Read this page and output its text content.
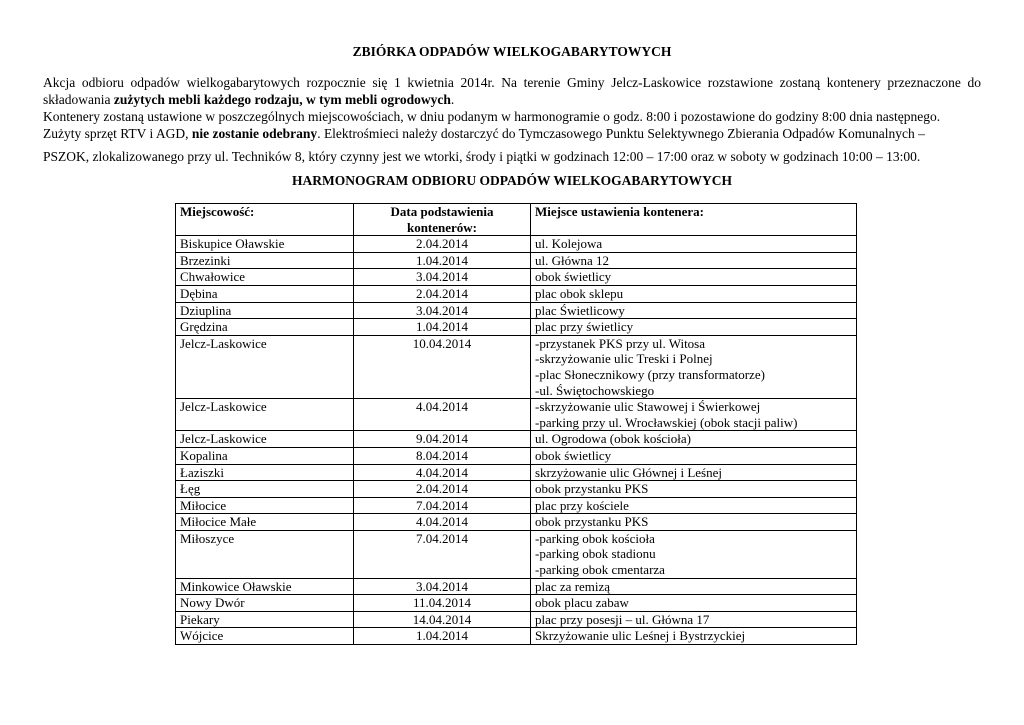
ZBIÓRKA ODPADÓW WIELKOGABARYTOWYCH

Akcja odbioru odpadów wielkogabarytowych rozpocznie się 1 kwietnia 2014r. Na terenie Gminy Jelcz-Laskowice rozstawione zostaną kontenery przeznaczone do składowania zużytych mebli każdego rodzaju, w tym mebli ogrodowych.

Kontenery zostaną ustawione w poszczególnych miejscowościach, w dniu podanym w harmonogramie o godz. 8:00 i pozostawione do godziny 8:00 dnia następnego.

Zużyty sprzęt RTV i AGD, nie zostanie odebrany. Elektrośmieci należy dostarczyć do Tymczasowego Punktu Selektywnego Zbierania Odpadów Komunalnych –

PSZOK, zlokalizowanego przy ul. Techników 8, który czynny jest we wtorki, środy i piątki w godzinach 12:00 – 17:00 oraz w soboty w godzinach 10:00 – 13:00.

HARMONOGRAM ODBIORU ODPADÓW WIELKOGABARYTOWYCH
Miejscowość:	Data podstawienia kontenerów:	Miejsce ustawienia kontenera:
Biskupice Oławskie	2.04.2014	ul. Kolejowa

Brzezinki	1.04.2014	ul. Główna 12

Chwałowice	3.04.2014	obok świetlicy

Dębina	2.04.2014	plac obok sklepu

Dziuplina	3.04.2014	plac Świetlicowy

Grędzina	1.04.2014	plac przy świetlicy

Jelcz-Laskowice	10.04.2014	-przystanek PKS przy ul. Witosa
-skrzyżowanie ulic Treski i Polnej
-plac Słonecznikowy (przy transformatorze)
-ul. Świętochowskiego

Jelcz-Laskowice	4.04.2014	-skrzyżowanie ulic Stawowej i Świerkowej
-parking przy ul. Wrocławskiej (obok stacji paliw)

Jelcz-Laskowice	9.04.2014	ul. Ogrodowa (obok kościoła)

Kopalina	8.04.2014	obok świetlicy

Łaziszki	4.04.2014	skrzyżowanie ulic Głównej i Leśnej

Łęg	2.04.2014	obok przystanku PKS

Miłocice	7.04.2014	plac przy kościele

Miłocice Małe	4.04.2014	obok przystanku PKS

Miłoszyce	7.04.2014	-parking obok kościoła
-parking obok stadionu
-parking obok cmentarza

Minkowice Oławskie	3.04.2014	plac za remizą

Nowy Dwór	11.04.2014	obok placu zabaw

Piekary	14.04.2014	plac przy posesji – ul. Główna 17

Wójcice	1.04.2014	Skrzyżowanie ulic Leśnej i Bystrzyckiej
